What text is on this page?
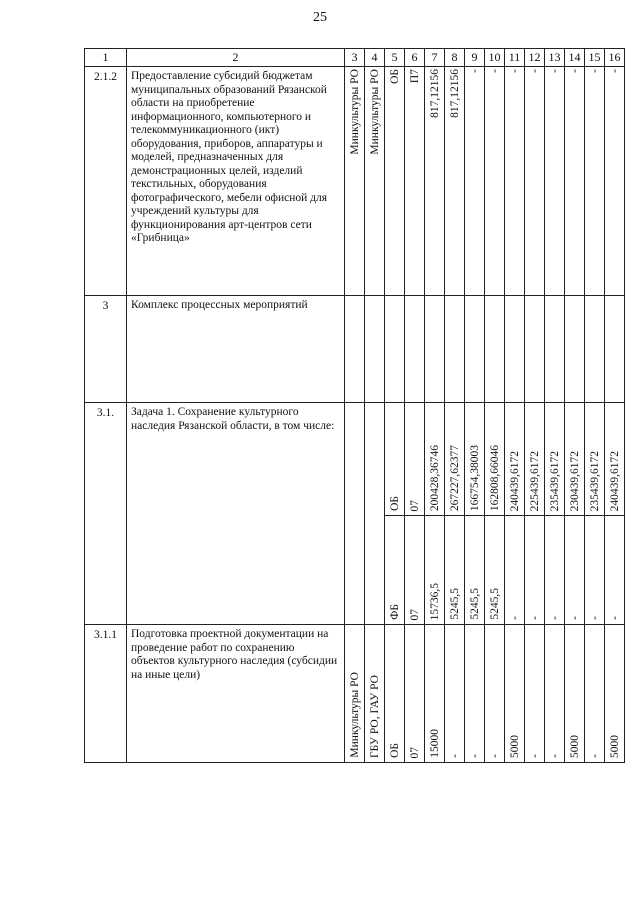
25
1	2	3	4	5	6	7	8	9	10	11	12	13	14	15	16
2.1.2	Предоставление субсидий бюджетам муниципальных образований Рязанской области на приобретение информационного, компьютерного и телекоммуникационного (икт) оборудования, приборов, аппаратуры и моделей, предназначенных для демонстрационных целей, изделий текстильных, оборудования фотографического, мебели офисной для учреждений культуры для функционирования арт-центров сети «Грибница»	Минкультуры РО	Минкультуры РО	ОБ	П7	817,12156	817,12156	-	-	-	-	-	-	-	-

3	Комплекс процессных мероприятий														
3.1.	Задача 1. Сохранение культурного наследия Рязанской области, в том числе:			ОБ	07	200428,36746	267227,62377	166754,38003	162808,66046	240439,6172	225439,6172	235439,6172	230439,6172	235439,6172	240439,6172

				ФБ	07	15736,5	5245,5	5245,5	5245,5	-	-	-	-	-	-

3.1.1	Подготовка проектной документации на проведение работ по сохранению объектов культурного наследия (субсидии на иные цели)	Минкультуры РО	ГБУ РО, ГАУ РО	ОБ	07	15000	-	-	-	5000	-	-	5000	-	5000
